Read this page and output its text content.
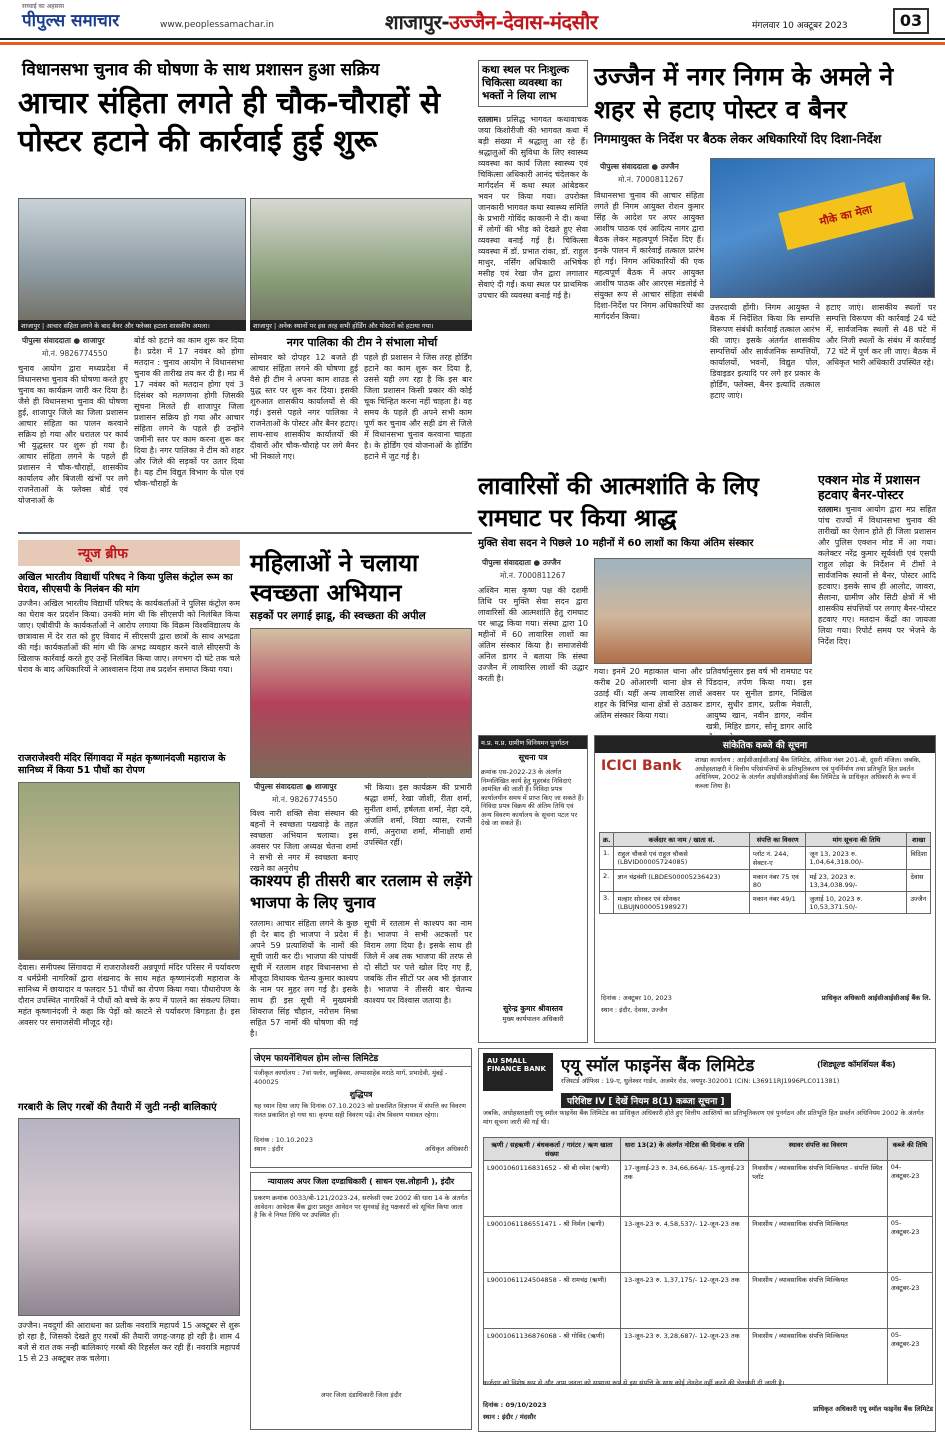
सच्चाई का अहसास
पीपुल्स समाचार	www.peoplessamachar.in	शाजापुर-उज्जैन-देवास-मंदसौर	मंगलवार 10 अक्टूबर 2023	03
विधानसभा चुनाव की घोषणा के साथ प्रशासन हुआ सक्रिय
आचार संहिता लगते ही चौक-चौराहों से पोस्टर हटाने की कार्रवाई हुई शुरू
शाजापुर | आचार संहिता लगने के बाद बैनर और फ्लेक्स हटाता शासकीय अमला।	शाजापुर | अनेक स्थानों पर इस तरह सभी होर्डिंग और पोस्टरों को हटाया गया।
पीपुल्स संवाददाता ● शाजापुर
मो.नं. 9826774550
चुनाव आयोग द्वारा मध्यप्रदेश में विधानसभा चुनाव की घोषणा करते हुए चुनाव का कार्यक्रम जारी कर दिया है। जैसे ही विधानसभा चुनाव की घोषणा हुई, शाजापुर जिले का जिला प्रशासन आचार संहिता का पालन करवाने सक्रिय हो गया और धरातल पर कार्य भी युद्धस्तर पर शुरू हो गया है। आचार संहिता लगने के पहले ही प्रशासन ने चौक-चौराहों, शासकीय कार्यालय और बिजली खंभों पर लगे राजनेताओं के फ्लेक्स बोर्ड एवं योजनाओं के
बोर्ड को हटाने का काम शुरू कर दिया है। प्रदेश में 17 नवंबर को होगा मतदान : चुनाव आयोग ने विधानसभा चुनाव की तारीख तय कर दी है। मप्र में 17 नवंबर को मतदान होगा एवं 3 दिसंबर को मतगणना होगी जिसकी सूचना मिलते ही शाजापुर जिला प्रशासन सक्रिय हो गया और आचार संहिता लगने के पहले ही उन्होंने जमीनी स्तर पर काम करना शुरू कर दिया है। नगर पालिका ने टीम को शहर और जिले की सड़कों पर उतार दिया है। यह टीम विद्युत विभाग के पोल एवं चौक-चौराहों के
नगर पालिका की टीम ने संभाला मोर्चा
सोमवार को दोपहर 12 बजते ही आचार संहिता लगने की घोषणा हुई वैसे ही टीम ने अपना काम शाउड से युद्ध स्तर पर शुरू कर दिया। इसकी शुरुआत शासकीय कार्यालयों से की गई। इससे पहले नगर पालिका ने राजनेताओं के पोस्टर और बैनर हटाए। साथ-साथ शासकीय कार्यालयों की दीवारों और चौक-चौराहे पर लगे बैनर भी निकाले गए।
पहले ही प्रशासन ने जिस तरह होर्डिंग हटाने का काम शुरू कर दिया है, उससे यही लग रहा है कि इस बार जिला प्रशासन किसी प्रकार की कोई चूक चिन्हित करना नहीं चाहता है। वह समय के पहले ही अपने सभी काम पूर्ण कर चुनाव और सही ढंग से जिले में विधानसभा चुनाव करवाना चाहता है। के होर्डिंग एवं योजनाओं के होर्डिंग हटाने में जुट गई है।
कथा स्थल पर निःशुल्क चिकित्सा व्यवस्था का भक्तों ने लिया लाभ
रतलाम। प्रसिद्ध भागवत कथावाचक जया किशोरीजी की भागवत कथा में बड़ी संख्या में श्रद्धालु आ रहे हैं। श्रद्धालुओं की सुविधा के लिए स्वास्थ्य व्यवस्था का कार्य जिला स्वास्थ्य एवं चिकित्सा अधिकारी आनंद चंदेलकर के मार्गदर्शन में कथा स्थल आंबेडकर भवन पर किया गया। उपरोक्त जानकारी भागवत कथा स्वास्थ्य समिति के प्रभारी गोविंद काकानी ने दी। कथा में लोगों की भीड़ को देखते हुए सेवा व्यवस्था बनाई गई है। चिकित्सा व्यवस्था में डॉ. प्रभात रांका, डॉ. राहुल माथुर, नर्सिंग अधिकारी अभिषेक मसीह एवं रेखा जैन द्वारा लगातार सेवाएं दी गईं। कथा स्थल पर प्राथमिक उपचार की व्यवस्था बनाई गई है।
उज्जैन में नगर निगम के अमले ने शहर से हटाए पोस्टर व बैनर
निगमायुक्त के निर्देश पर बैठक लेकर अधिकारियों दिए दिशा-निर्देश
पीपुल्स संवाददाता ● उज्जैन
मो.नं. 7000811267
मौके का मेला
विधानसभा चुनाव की आचार संहिता लगते ही निगम आयुक्त रोशन कुमार सिंह के आदेश पर अपर आयुक्त आशीष पाठक एवं आदित्य नागर द्वारा बैठक लेकर महत्वपूर्ण निर्देश दिए हैं। इनके पालन में कार्रवाई तत्काल प्रारंभ हो गई। निगम अधिकारियों की एक महत्वपूर्ण बैठक में अपर आयुक्त आशीष पाठक और आरएस मंडलोई ने संयुक्त रूप से आचार संहिता संबंधी दिशा-निर्देश पर निगम अधिकारियों का मार्गदर्शन किया।
उत्तरदायी होंगी। निगम आयुक्त ने बैठक में निर्देशित किया कि सम्पत्ति विरूपण संबंधी कार्रवाई तत्काल आरंभ की जाए। इसके अंतर्गत शासकीय सम्पत्तियों और सार्वजनिक सम्पत्तियों, कार्यालयों, भवनों, विद्युत पोल, डिवाइडर इत्यादि पर लगे हर प्रकार के होर्डिंग, फ्लेक्स, बैनर इत्यादि तत्काल हटाए जाएं।
हटाए जाएं। शासकीय स्थलों पर सम्पत्ति विरूपण की कार्रवाई 24 घंटे में, सार्वजनिक स्थलों से 48 घंटे में और निजी स्थलों के संबंध में कार्रवाई 72 घंटे में पूर्ण कर ली जाए। बैठक में अधिकृत भारी अधिकारी उपस्थित रहे।
लावारिसों की आत्मशांति के लिए रामघाट पर किया श्राद्ध
मुक्ति सेवा सदन ने पिछले 10 महीनों में 60 लाशों का किया अंतिम संस्कार
पीपुल्स संवाददाता ● उज्जैन
मो.नं. 7000811267
अश्विन मास कृष्ण पक्ष की दशमी तिथि पर मुक्ति सेवा सदन द्वारा लावारिसों की आत्मशांति हेतु रामघाट पर श्राद्ध किया गया। संस्था द्वारा 10 महीनों में 60 लावारिस लाशों का अंतिम संस्कार किया है। समाजसेवी अनिल डागर ने बताया कि संस्था उज्जैन में लावारिस लाशों की उद्धार करती है।
गया। इनमें 20 महाकाल थाना और करीब 20 ओआरणी थाना क्षेत्र से उठाई थीं। यहीं अन्य लावारिस लाशें शहर के विभिन्न थाना क्षेत्रों से उठाकर अंतिम संस्कार किया गया।
प्रतिवर्षानुसार इस वर्ष भी रामघाट पर पिंडदान, तर्पण किया गया। इस अवसर पर सुनील डागर, निखिल डागर, सुधीर डागर, प्रतीक मेवाती, आयुष्य खान, नवीन डागर, नवीन खत्री, मिहिर डागर, सोनू डागर आदि
एक्शन मोड में प्रशासन हटवाए बैनर-पोस्टर
रतलाम। चुनाव आयोग द्वारा मप्र सहित पांच राज्यों में विधानसभा चुनाव की तारीखों का ऐलान होते ही जिला प्रशासन और पुलिस एक्शन मोड में आ गया। कलेक्टर नरेंद्र कुमार सूर्यवंशी एवं एसपी राहुल लोढ़ा के निर्देशन में टीमों ने सार्वजनिक स्थानों से बैनर, पोस्टर आदि हटवाए। इसके साथ ही आलोट, जावरा, सैलाना, ग्रामीण और सिटी क्षेत्रों में भी शासकीय संपत्तियों पर लगाए बैनर-पोस्टर हटवाए गए। मतदान केंद्रों का जायजा लिया गया। रिपोर्ट समय पर भेजने के निर्देश दिए।
न्यूज ब्रीफ
अखिल भारतीय विद्यार्थी परिषद ने किया पुलिस कंट्रोल रूम का घेराव, सीएसपी के निलंबन की मांग
उज्जैन। अखिल भारतीय विद्यार्थी परिषद के कार्यकर्ताओं ने पुलिस कंट्रोल रूम का घेराव कर प्रदर्शन किया। उनकी मांग थी कि सीएसपी को निलंबित किया जाए। एबीवीपी के कार्यकर्ताओं ने आरोप लगाया कि विक्रम विश्वविद्यालय के छात्रावास में देर रात को हुए विवाद में सीएसपी द्वारा छात्रों के साथ अभद्रता की गई। कार्यकर्ताओं की मांग थी कि अभद्र व्यवहार करने वाले सीएसपी के खिलाफ कार्रवाई करते हुए उन्हें निलंबित किया जाए। लगभग दो घंटे तक चले घेराव के बाद अधिकारियों ने आश्वासन दिया तब प्रदर्शन समाप्त किया गया।
राजराजेश्वरी मंदिर सिंगावदा में महंत कृष्णानंदजी महाराज के सानिध्य में किया 51 पौधों का रोपण
देवास। समीपस्थ सिंगावदा में राजराजेश्वरी अन्नपूर्णा मंदिर परिसर में पर्यावरण व धर्मप्रेमी नागरिकों द्वारा शंखनाद के साथ महंत कृष्णानंदजी महाराज के सानिध्य में छायादार व फलदार 51 पौधों का रोपण किया गया। पौधारोपण के दौरान उपस्थित नागरिकों ने पौधों को बच्चे के रूप में पालने का संकल्प लिया। महंत कृष्णानंदजी ने कहा कि पेड़ों को काटने से पर्यावरण बिगड़ता है। इस अवसर पर समाजसेवी मौजूद रहे।
गरबारी के लिए गरबों की तैयारी में जुटी नन्ही बालिकाएं
उज्जैन। नवदुर्गा की आराधना का प्रतीक नवरात्रि महापर्व 15 अक्टूबर से शुरू हो रहा है, जिसको देखते हुए गरबों की तैयारी जगह-जगह हो रही है। शाम 4 बजे से रात तक नन्ही बालिकाएं गरबों की रिहर्सल कर रही हैं। नवरात्रि महापर्व 15 से 23 अक्टूबर तक चलेगा।
महिलाओं ने चलाया स्वच्छता अभियान
सड़कों पर लगाई झाडू, की स्वच्छता की अपील
पीपुल्स संवाददाता ● शाजापुर
मो.नं. 9826774550
विश्व नारी शक्ति सेवा संस्थान की बहनों ने स्वच्छता पखवाड़े के तहत स्वच्छता अभियान चलाया। इस अवसर पर जिला अध्यक्ष चेतना शर्मा ने सभी से नगर में स्वच्छता बनाए रखने का अनुरोध
भी किया। इस कार्यक्रम की प्रभारी श्रद्धा शर्मा, रेखा जोशी, रीता शर्मा, सुनीता शर्मा, हर्षलता शर्मा, नेहा दवे, अंजलि शर्मा, विद्या व्यास, रजनी शर्मा, अनुराधा शर्मा, मीनाक्षी शर्मा उपस्थित रहीं।
काश्यप ही तीसरी बार रतलाम से लड़ेंगे भाजपा के लिए चुनाव
रतलाम। आचार संहिता लगने के कुछ ही देर बाद ही भाजपा ने प्रदेश में अपने 59 प्रत्याशियों के नामों की सूची जारी कर दी। भाजपा की पांचवीं सूची में रतलाम शहर विधानसभा से मौजूदा विधायक चेतन्य कुमार काश्यप के नाम पर मुहर लग गई है। इसके साथ ही इस सूची में मुख्यमंत्री शिवराज सिंह चौहान, नरोत्तम मिश्रा सहित 57 नामों की घोषणा की गई है।
सूची में रतलाम से काश्यप का नाम है। भाजपा ने सभी अटकलों पर विराम लगा दिया है। इसके साथ ही जिले में अब तक भाजपा की तरफ से दो सीटों पर पत्ते खोल दिए गए हैं, जबकि तीन सीटों पर अब भी इंतजार है। भाजपा ने तीसरी बार चेतन्य काश्यप पर विश्वास जताया है।
म.प्र. म.प्र. ग्रामीण विनियमन पुनर्गठन
सूचना पत्र
क्रमांक एस-2022-23 के अंतर्गत निम्नलिखित कार्य हेतु मुहरबंद निविदाएं आमंत्रित की जाती हैं। निविदा प्रपत्र कार्यालयीन समय में प्राप्त किए जा सकते हैं। निविदा प्रपत्र विक्रय की अंतिम तिथि एवं अन्य विवरण कार्यालय के सूचना पटल पर देखे जा सकते हैं।
सुरेन्द्र कुमार श्रीवास्तव
मुख्य कार्यपालन अधिकारी
सांकेतिक कब्जे की सूचना
ICICI Bank शाखा कार्यालय : आईसीआईसीआई बैंक लिमिटेड, ऑफिस नंबर 201-बी, दूसरी मंजिल। जबकि, अधोहस्ताक्षरी ने वित्तीय परिसंपत्तियों के प्रतिभूतिकरण एवं पुनर्निर्माण तथा प्रतिभूति हित प्रवर्तन अधिनियम, 2002 के अंतर्गत आईसीआईसीआई बैंक लिमिटेड के प्राधिकृत अधिकारी के रूप में कब्जा लिया है।
क्र.	कर्जदार का नाम / खाता सं.	संपत्ति का विवरण	मांग सूचना की तिथि	शाखा
1.	राहुल चौकसे एवं राहुल चौकसे (LBVID00005724085)	प्लॉट नं. 244, सेक्टर-ए	जून 13, 2023 रु. 1,04,64,318.00/-	विदिशा
2.	ज्ञान चंद्रवंशी (LBDES00005236423)	मकान नंबर 75 एवं 80	मई 23, 2023 रु. 13,34,038.99/-	देवास
3.	मल्हार सोनकर एवं सोनकर (LBUJN00005198927)	मकान नंबर 49/1	जुलाई 10, 2023 रु. 10,53,371.50/-	उज्जैन
दिनांक : अक्टूबर 10, 2023
स्थान : इंदौर, देवास, उज्जैन
प्राधिकृत अधिकारी आईसीआईसीआई बैंक लि.
जेएम फायनेंशियल होम लोन्स लिमिटेड
पंजीकृत कार्यालय : 7वां फ्लोर, क्यूबिक्स, अप्पासाहेब मराठे मार्ग, प्रभादेवी, मुंबई - 400025
शुद्धिपत्र
यह ध्यान दिया जाए कि दिनांक 07.10.2023 को प्रकाशित विज्ञापन में संपत्ति का विवरण गलत प्रकाशित हो गया था। कृपया सही विवरण पढ़ें। शेष विवरण यथावत रहेगा।
दिनांक : 10.10.2023
स्थान : इंदौर	अधिकृत अधिकारी
न्यायालय अपर जिला दण्डाधिकारी ( साधन एस.लोहानी ), इंदौर
प्रकरण क्रमांक 0033/बी-121/2023-24, सरफेसी एक्ट 2002 की धारा 14 के अंतर्गत आवेदन। आवेदक बैंक द्वारा प्रस्तुत आवेदन पर सुनवाई हेतु पक्षकारों को सूचित किया जाता है कि वे नियत तिथि पर उपस्थित हों।
अपर जिला दंडाधिकारी जिला इंदौर
AU SMALL FINANCE BANK एयू स्मॉल फाइनेंस बैंक लिमिटेड	(शिड्यूल्ड कॉमर्शियल बैंक)
रजिस्टर्ड ऑफिस : 19-ए, धुलेश्वर गार्डन, अजमेर रोड, जयपुर-302001 (CIN: L36911RJ1996PLC011381)
परिशिष्ट IV [ देखें नियम 8(1) कब्जा सूचना ]
जबकि, अधोहस्ताक्षरी एयू स्मॉल फाइनेंस बैंक लिमिटेड का प्राधिकृत अधिकारी होते हुए वित्तीय आस्तियों का प्रतिभूतिकरण एवं पुनर्गठन और प्रतिभूति हित प्रवर्तन अधिनियम 2002 के अंतर्गत मांग सूचना जारी की गई थी।
ऋणी / सहऋणी / बंधककर्ता / गारंटर / ऋण खाता संख्या	धारा 13(2) के अंतर्गत नोटिस की दिनांक व राशि	स्थावर संपत्ति का विवरण	कब्जे की तिथि
L9001060116831652 - श्री बी रमेश (ऋणी)	17-जुलाई-23 रु. 34,66,664/- 15-जुलाई-23 तक	निवासीय / व्यावसायिक संपत्ति मिल्कियत - संपत्ति स्थित प्लॉट	04-अक्टूबर-23
L9001061186551471 - श्री निर्मल (ऋणी)	13-जून-23 रु. 4,58,537/- 12-जून-23 तक	निवासीय / व्यावसायिक संपत्ति मिल्कियत	05-अक्टूबर-23
L9001061124504858 - श्री रामचंद्र (ऋणी)	13-जून-23 रु. 1,37,175/- 12-जून-23 तक	निवासीय / व्यावसायिक संपत्ति मिल्कियत	05-अक्टूबर-23
L9001061136876068 - श्री गोविंद (ऋणी)	13-जून-23 रु. 3,28,687/- 12-जून-23 तक	निवासीय / व्यावसायिक संपत्ति मिल्कियत	05-अक्टूबर-23
कर्जदार को विशेष रूप से और आम जनता को सामान्य रूप से इस संपत्ति के साथ कोई लेनदेन नहीं करने की चेतावनी दी जाती है।
दिनांक : 09/10/2023
स्थान : इंदौर / मंदसौर
प्राधिकृत अधिकारी एयू स्मॉल फाइनेंस बैंक लिमिटेड
